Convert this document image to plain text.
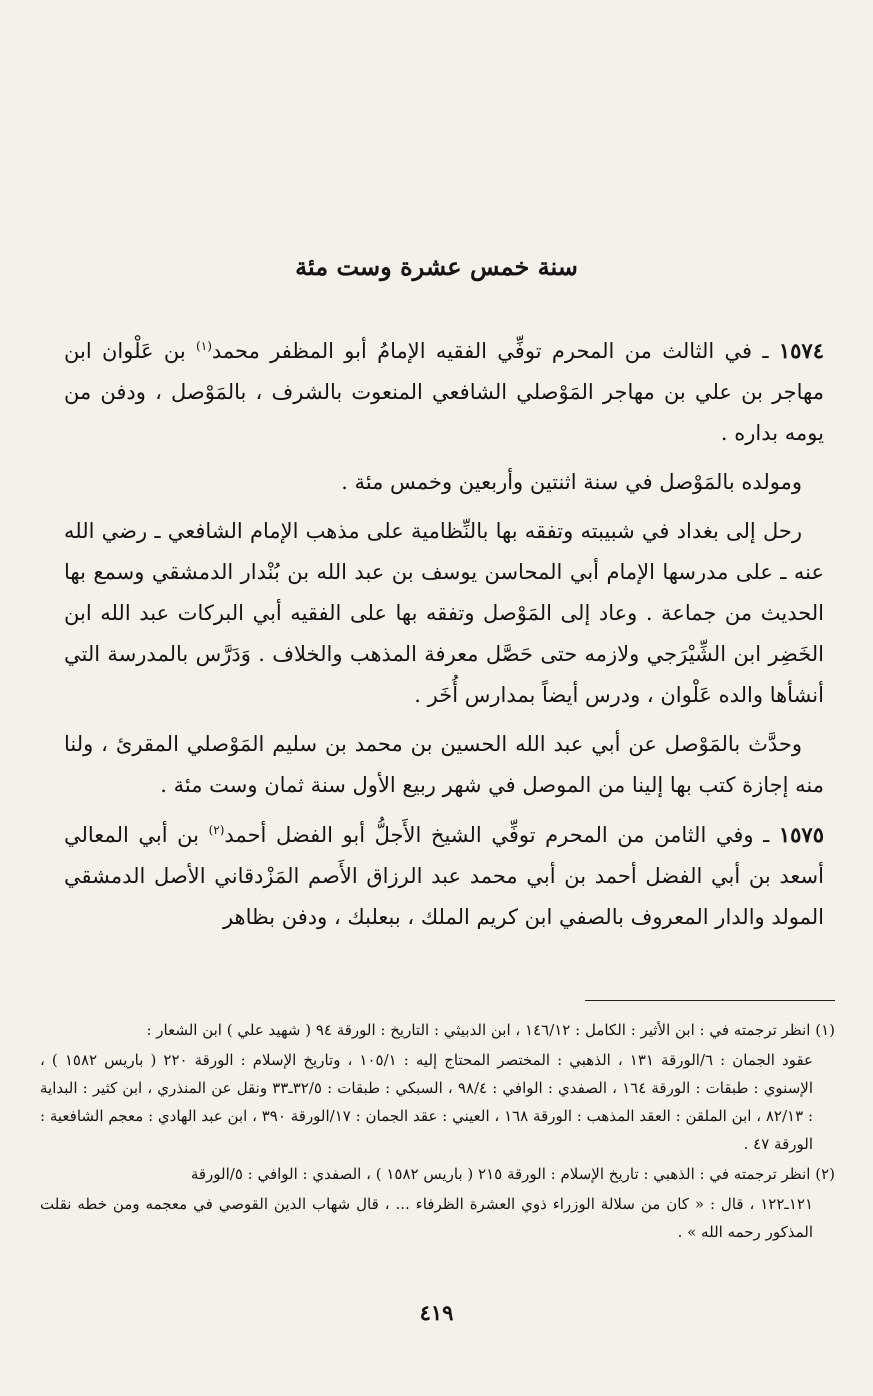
سنة خمس عشرة وست مئة

١٥٧٤ ـ في الثالث من المحرم توفِّي الفقيه الإمامُ أبو المظفر محمد$^{(١)}$ بن عَلْوان ابن مهاجر بن علي بن مهاجر المَوْصلي الشافعي المنعوت بالشرف ، بالمَوْصل ، ودفن من يومه بداره .

ومولده بالمَوْصل في سنة اثنتين وأربعين وخمس مئة .

رحل إلى بغداد في شبيبته وتفقه بها بالنِّظامية على مذهب الإمام الشافعي ـ رضي الله عنه ـ على مدرسها الإمام أبي المحاسن يوسف بن عبد الله بن بُنْدار الدمشقي وسمع بها الحديث من جماعة . وعاد إلى المَوْصل وتفقه بها على الفقيه أبي البركات عبد الله ابن الخَضِر ابن الشِّيْرَجي ولازمه حتى حَصَّل معرفة المذهب والخلاف . وَدَرَّس بالمدرسة التي أنشأها والده عَلْوان ، ودرس أيضاً بمدارس أُخَر .

وحدَّث بالمَوْصل عن أبي عبد الله الحسين بن محمد بن سليم المَوْصلي المقرئ ، ولنا منه إجازة كتب بها إلينا من الموصل في شهر ربيع الأول سنة ثمان وست مئة .

١٥٧٥ ـ وفي الثامن من المحرم توفِّي الشيخ الأَجلُّ أبو الفضل أحمد$^{(٢)}$ بن أبي المعالي أسعد بن أبي الفضل أحمد بن أبي محمد عبد الرزاق الأَصم المَزْدقاني الأصل الدمشقي المولد والدار المعروف بالصفي ابن كريم الملك ، ببعلبك ، ودفن بظاهر

(١) انظر ترجمته في : ابن الأثير : الكامل : ١٤٦/١٢ ، ابن الدبيثي : التاريخ : الورقة ٩٤ ( شهيد علي ) ابن الشعار :

عقود الجمان : ٦/الورقة ١٣١ ، الذهبي : المختصر المحتاج إليه : ١٠٥/١ ، وتاريخ الإسلام : الورقة ٢٢٠ ( باريس ١٥٨٢ ) ، الإسنوي : طبقات : الورقة ١٦٤ ، الصفدي : الوافي : ٩٨/٤ ، السبكي : طبقات : ٣٢/٥ـ٣٣ ونقل عن المنذري ، ابن كثير : البداية : ٨٢/١٣ ، ابن الملقن : العقد المذهب : الورقة ١٦٨ ، العيني : عقد الجمان : ١٧/الورقة ٣٩٠ ، ابن عبد الهادي : معجم الشافعية : الورقة ٤٧ .

(٢) انظر ترجمته في : الذهبي : تاريخ الإسلام : الورقة ٢١٥ ( باريس ١٥٨٢ ) ، الصفدي : الوافي : ٥/الورقة

١٢١ـ١٢٢ ، قال : « كان من سلالة الوزراء ذوي العشرة الظرفاء ... ، قال شهاب الدين القوصي في معجمه ومن خطه نقلت المذكور رحمه الله » .

٤١٩
